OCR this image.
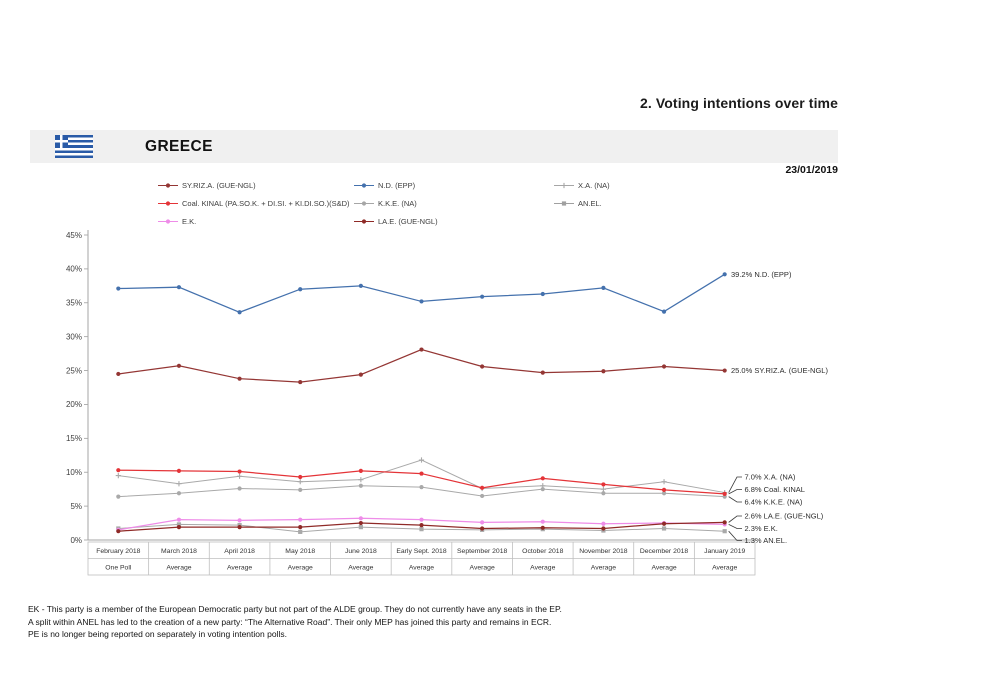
2. Voting intentions over time
GREECE
23/01/2019
SY.RIZ.A. (GUE-NGL)	N.D. (EPP)	X.A. (NA)
Coal. KINAL (PA.SO.K. + DI.SI. + KI.DI.SO.)(S&D)	K.K.E. (NA)	AN.EL.
E.K.	LA.E. (GUE-NGL)
0%
5%
10%
15%
20%
25%
30%
35%
40%
45%
February 2018
One Poll
March 2018
Average
April 2018
Average
May 2018
Average
June 2018
Average
Early Sept. 2018
Average
September 2018
Average
October 2018
Average
November 2018
Average
December 2018
Average
January 2019
Average
7.0% X.A. (NA)
6.4% K.K.E. (NA)
1.3% AN.EL.
2.3% E.K.
2.6% LA.E. (GUE-NGL)
6.8% Coal. KINAL
25.0% SY.RIZ.A. (GUE-NGL)
39.2% N.D. (EPP)
EK - This party is a member of the European Democratic party but not part of the ALDE group. They do not currently have any seats in the EP.
A split within ANEL has led to the creation of a new party: “The Alternative Road”. Their only MEP has joined this party and remains in ECR.
PE is no longer being reported on separately in voting intention polls.
